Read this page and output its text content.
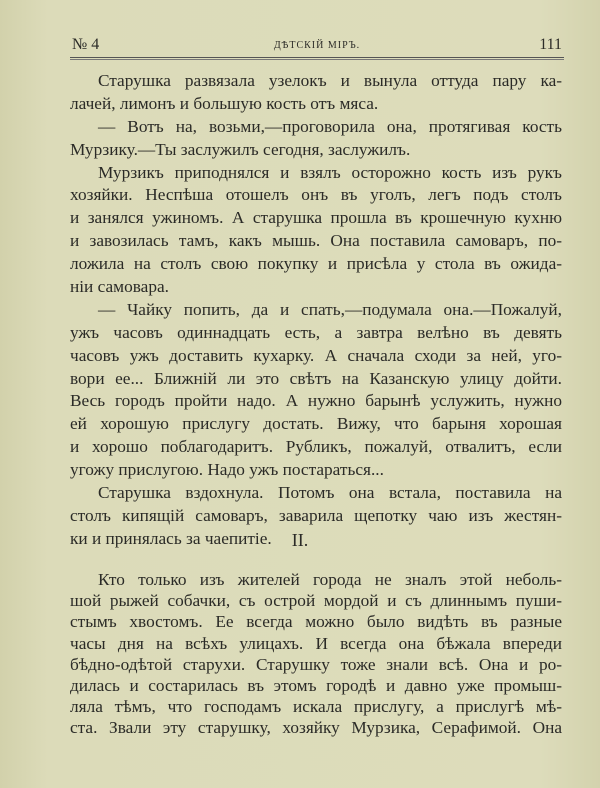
№ 4	ДѢТСКІЙ МІРЪ.	111
Старушка развязала узелокъ и вынула оттуда пару ка-
лачей, лимонъ и большую кость отъ мяса.
— Вотъ на, возьми,—проговорила она, протягивая кость
Мурзику.—Ты заслужилъ сегодня, заслужилъ.
Мурзикъ приподнялся и взялъ осторожно кость изъ рукъ
хозяйки. Неспѣша отошелъ онъ въ уголъ, легъ подъ столъ
и занялся ужиномъ. А старушка прошла въ крошечную кухню
и завозилась тамъ, какъ мышь. Она поставила самоваръ, по-
ложила на столъ свою покупку и присѣла у стола въ ожида-
ніи самовара.
— Чайку попить, да и спать,—подумала она.—Пожалуй,
ужъ часовъ одиннадцать есть, а завтра велѣно въ девять
часовъ ужъ доставить кухарку. А сначала сходи за ней, уго-
вори ее... Ближній ли это свѣтъ на Казанскую улицу дойти.
Весь городъ пройти надо. А нужно барынѣ услужить, нужно
ей хорошую прислугу достать. Вижу, что барыня хорошая
и хорошо поблагодаритъ. Рубликъ, пожалуй, отвалитъ, если
угожу прислугою. Надо ужъ постараться...
Старушка вздохнула. Потомъ она встала, поставила на
столъ кипящій самоваръ, заварила щепотку чаю изъ жестян-
ки и принялась за чаепитіе.	II.
Кто только изъ жителей города не зналъ этой неболь-
шой рыжей собачки, съ острой мордой и съ длиннымъ пуши-
стымъ хвостомъ. Ее всегда можно было видѣть въ разные
часы дня на всѣхъ улицахъ. И всегда она бѣжала впереди
бѣдно-одѣтой старухи. Старушку тоже знали всѣ. Она и ро-
дилась и состарилась въ этомъ городѣ и давно уже промыш-
ляла тѣмъ, что господамъ искала прислугу, а прислугѣ мѣ-
ста. Звали эту старушку, хозяйку Мурзика, Серафимой. Она
